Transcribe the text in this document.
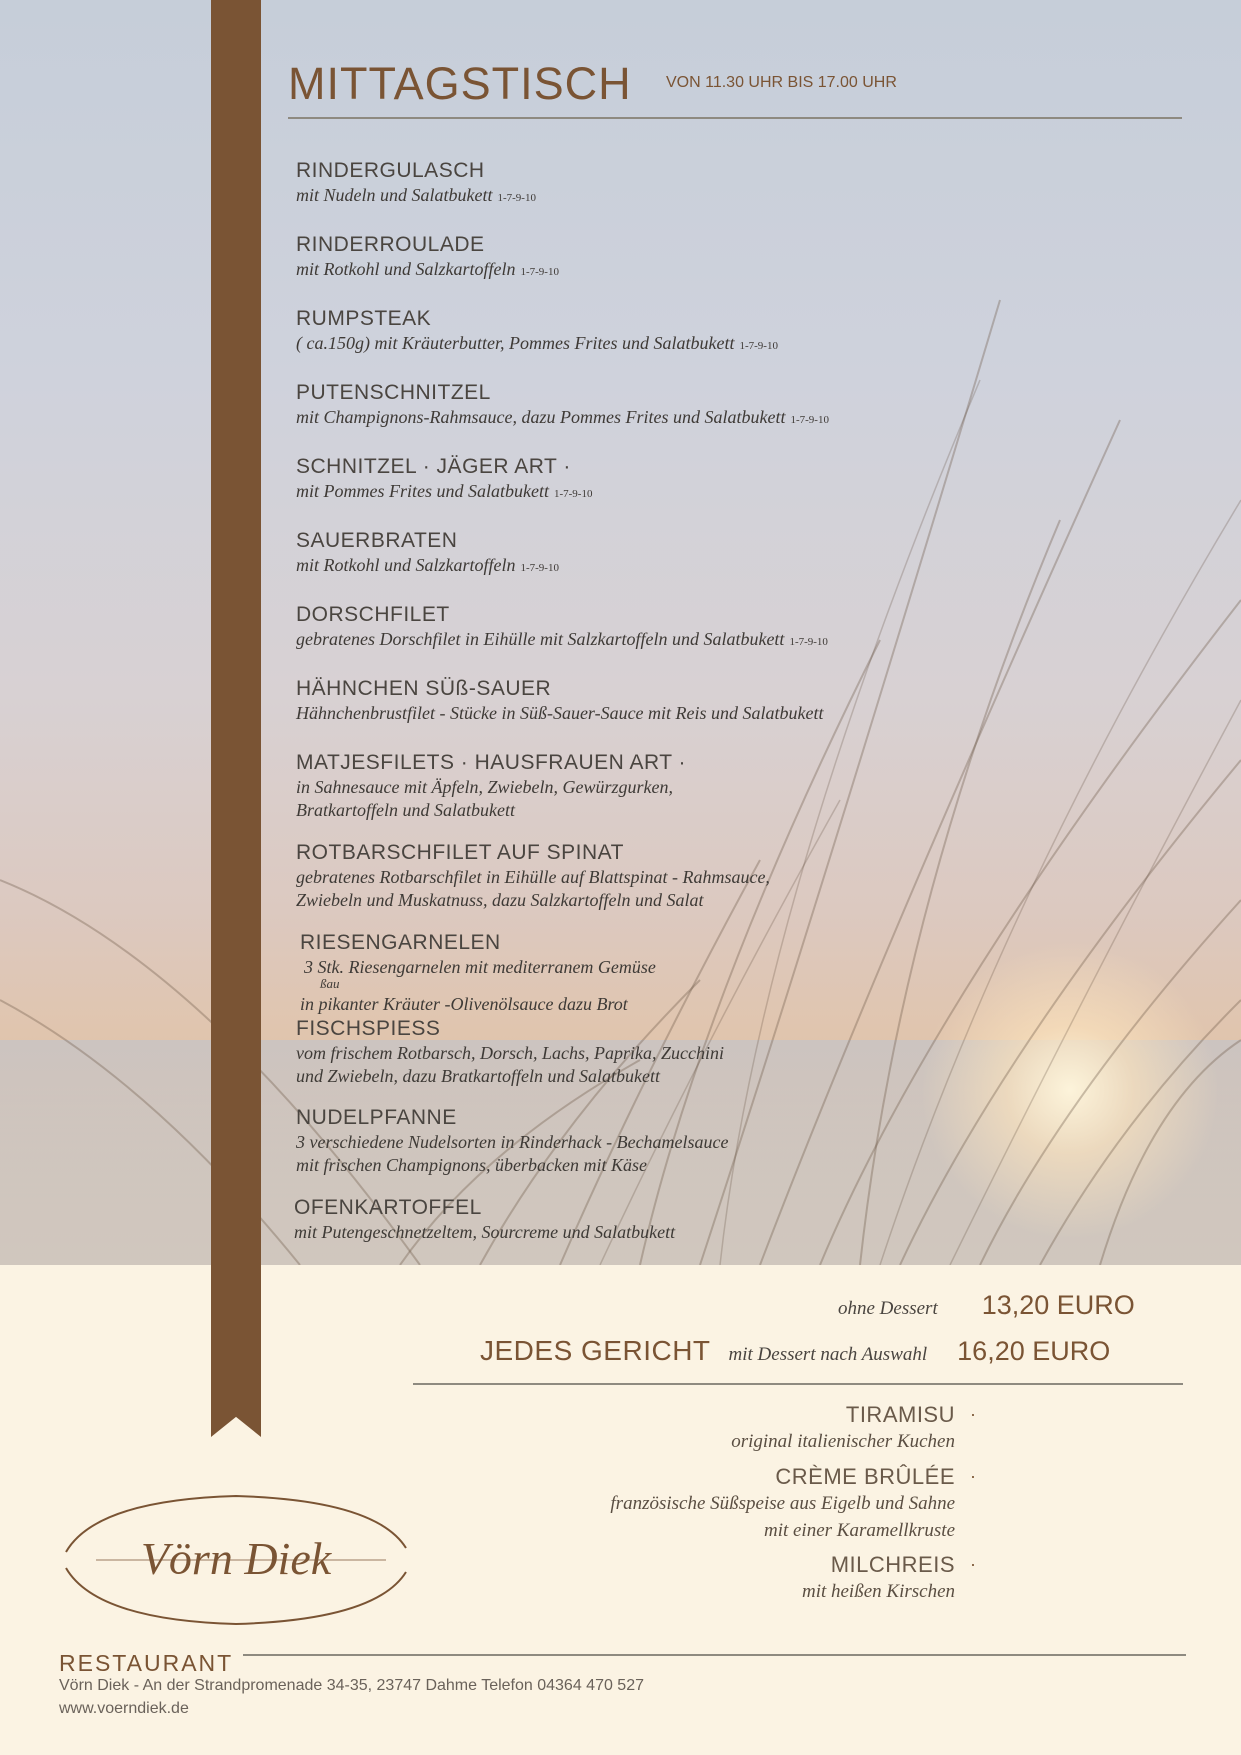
MITTAGSTISCH VON 11.30 UHR BIS 17.00 UHR
RINDERGULASCH
mit Nudeln und Salatbukett 1-7-9-10
RINDERROULADE
mit Rotkohl und Salzkartoffeln 1-7-9-10
RUMPSTEAK
( ca.150g) mit Kräuterbutter, Pommes Frites und Salatbukett 1-7-9-10
PUTENSCHNITZEL
mit Champignons-Rahmsauce, dazu Pommes Frites und Salatbukett 1-7-9-10
SCHNITZEL · JÄGER ART ·
mit Pommes Frites und Salatbukett 1-7-9-10
SAUERBRATEN
mit Rotkohl und Salzkartoffeln 1-7-9-10
DORSCHFILET
gebratenes Dorschfilet in Eihülle mit Salzkartoffeln und Salatbukett 1-7-9-10
HÄHNCHEN SÜß-SAUER
Hähnchenbrustfilet - Stücke in Süß-Sauer-Sauce mit Reis und Salatbukett
MATJESFILETS · HAUSFRAUEN ART ·
in Sahnesauce mit Äpfeln, Zwiebeln, Gewürzgurken,
Bratkartoffeln und Salatbukett
ROTBARSCHFILET AUF SPINAT
gebratenes Rotbarschfilet in Eihülle auf Blattspinat - Rahmsauce,
Zwiebeln und Muskatnuss, dazu Salzkartoffeln und Salat
RIESENGARNELEN
3 Stk. Riesengarnelen mit mediterranem Gemüse
ßau
in pikanter Kräuter -Olivenölsauce dazu Brot
FISCHSPIESS
vom frischem Rotbarsch, Dorsch, Lachs, Paprika, Zucchini
und Zwiebeln, dazu Bratkartoffeln und Salatbukett
NUDELPFANNE
3 verschiedene Nudelsorten in Rinderhack - Bechamelsauce
mit frischen Champignons, überbacken mit Käse
OFENKARTOFFEL
mit Putengeschnetzeltem, Sourcreme und Salatbukett
ohne Dessert 13,20 EURO
JEDES GERICHT mit Dessert nach Auswahl 16,20 EURO
TIRAMISU
original italienischer Kuchen
·
CRÈME BRÛLÉE
französische Süßspeise aus Eigelb und Sahne
mit einer Karamellkruste
·
MILCHREIS
mit heißen Kirschen
·
Vörn Diek
RESTAURANT
Vörn Diek - An der Strandpromenade 34-35, 23747 Dahme Telefon 04364 470 527
www.voerndiek.de
